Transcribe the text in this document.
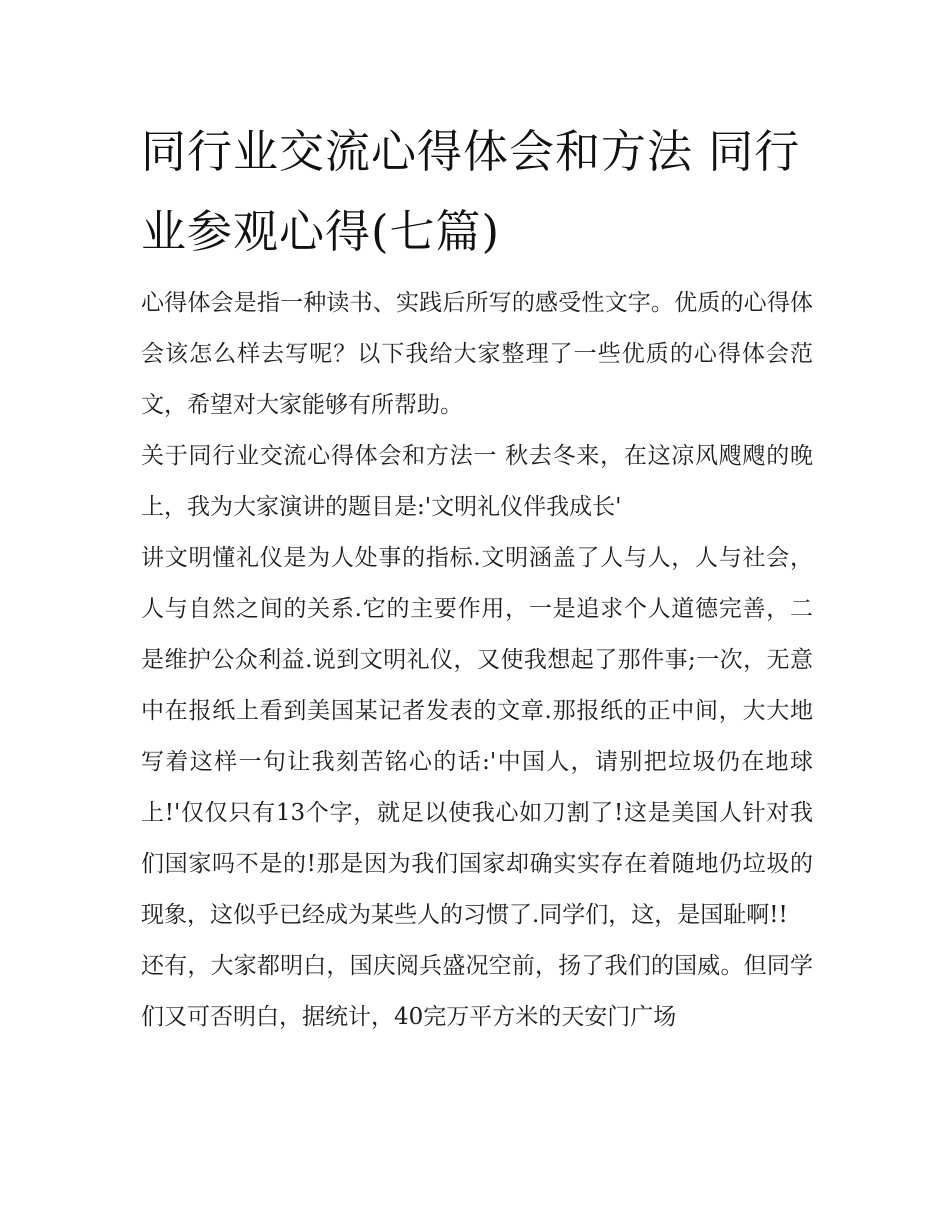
同行业交流心得体会和方法 同行业参观心得(七篇)

心得体会是指一种读书、实践后所写的感受性文字。优质的心得体会该怎么样去写呢？以下我给大家整理了一些优质的心得体会范文，希望对大家能够有所帮助。

关于同行业交流心得体会和方法一 秋去冬来，在这凉风飕飕的晚上，我为大家演讲的题目是:'文明礼仪伴我成长'

讲文明懂礼仪是为人处事的指标.文明涵盖了人与人，人与社会，人与自然之间的关系.它的主要作用，一是追求个人道德完善，二是维护公众利益.说到文明礼仪，又使我想起了那件事;一次，无意中在报纸上看到美国某记者发表的文章.那报纸的正中间，大大地写着这样一句让我刻苦铭心的话:'中国人，请别把垃圾仍在地球上!'仅仅只有13个字，就足以使我心如刀割了!这是美国人针对我们国家吗不是的!那是因为我们国家却确实实存在着随地仍垃圾的现象，这似乎已经成为某些人的习惯了.同学们，这，是国耻啊!!

还有，大家都明白，国庆阅兵盛况空前，扬了我们的国威。但同学们又可否明白，据统计，40完万平方米的天安门广场
